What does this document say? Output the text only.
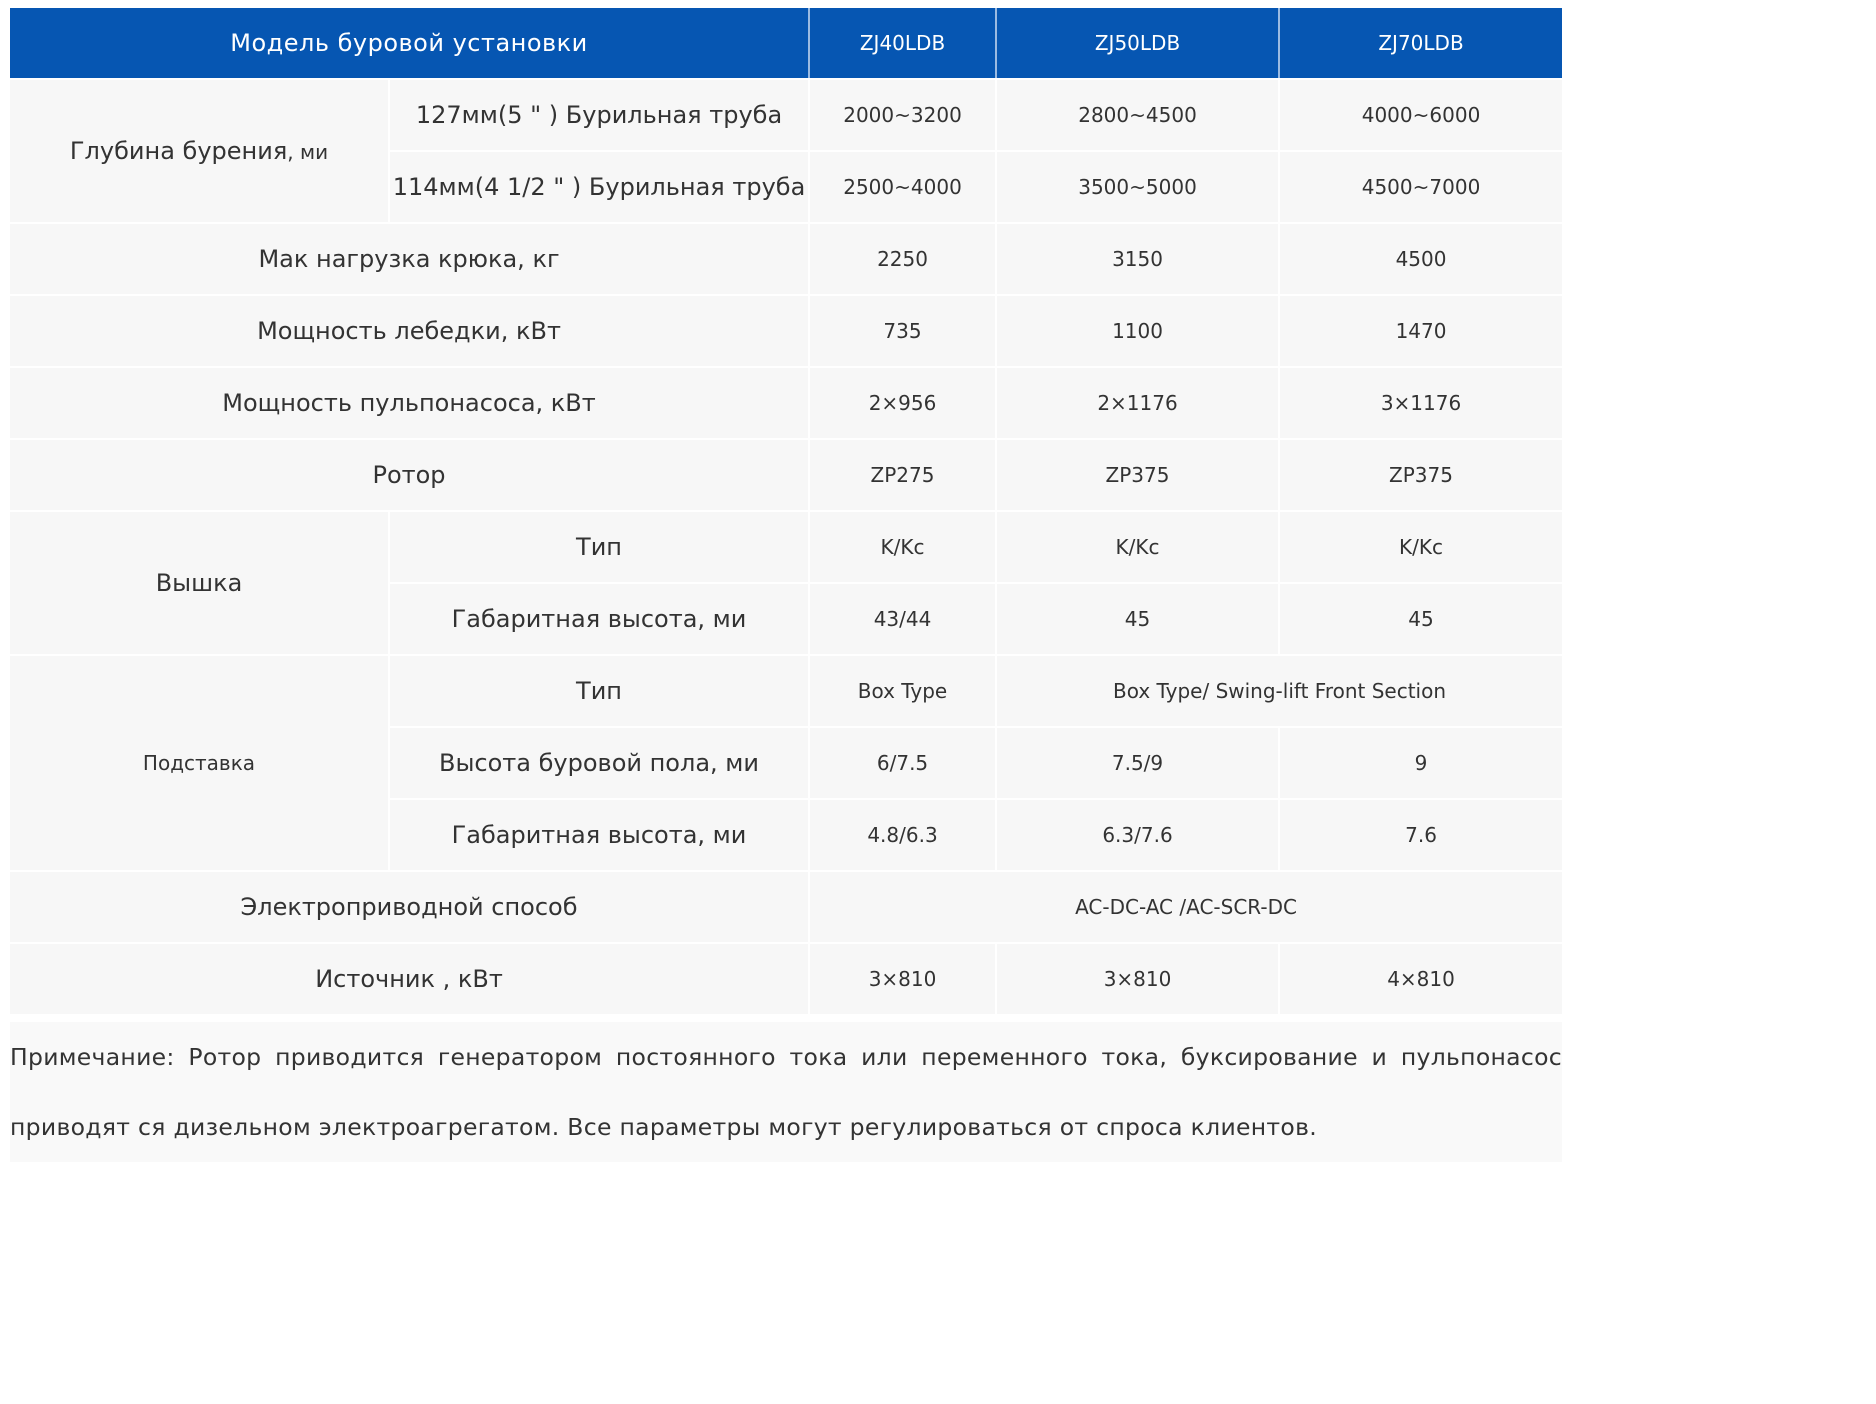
Модель буровой установки		ZJ40LDB	ZJ50LDB	ZJ70LDB
Глубина бурения, ми	127мм(5 " ) Бурильная труба	2000~3200	2800~4500	4000~6000
	114мм(4 1/2 " ) Бурильная труба	2500~4000	3500~5000	4500~7000
Мак нагрузка крюка, кг		2250	3150	4500
Мощность лебедки, кВт		735	1100	1470
Мощность пульпонасоса, кВт		2×956	2×1176	3×1176
Ротор		ZP275	ZP375	ZP375
Вышка	Тип	K/Kc	K/Kc	K/Kc
	Габаритная высота, ми	43/44	45	45
Подставка	Тип	Box Type	Box Type/ Swing-lift Front Section	
	Высота буровой пола, ми	6/7.5	7.5/9	9
	Габаритная высота, ми	4.8/6.3	6.3/7.6	7.6
Электроприводной способ		AC-DC-AC /AC-SCR-DC		
Источник , кВт		3×810	3×810	4×810
Примечание: Ротор приводится генератором постоянного тока или переменного тока, буксирование и пульпонасос приводят ся дизельном электроагрегатом. Все параметры могут регулироваться от спроса клиентов.
